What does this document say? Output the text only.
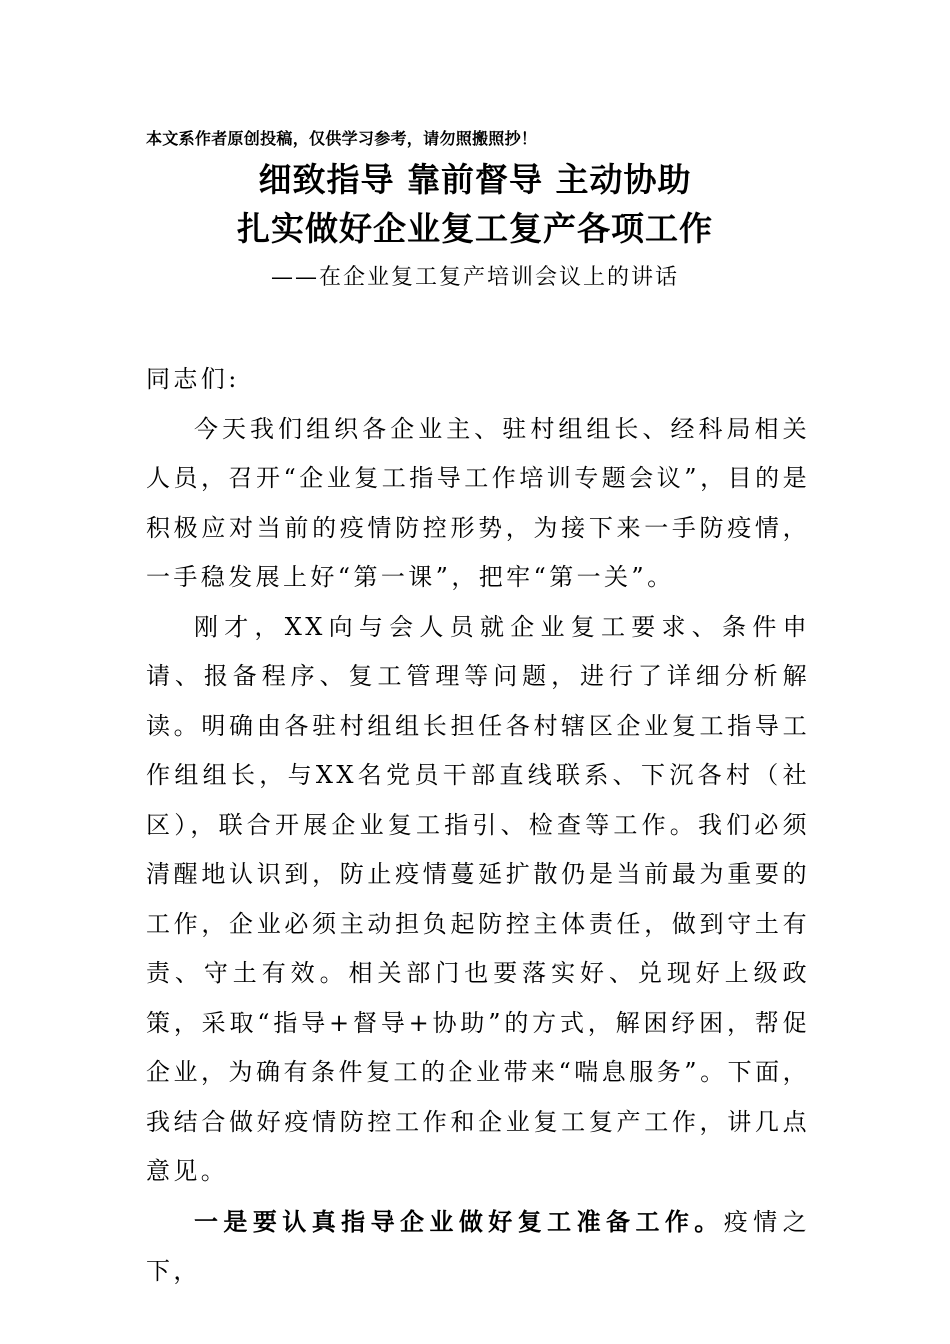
本文系作者原创投稿，仅供学习参考，请勿照搬照抄！
细致指导 靠前督导 主动协助
扎实做好企业复工复产各项工作
——在企业复工复产培训会议上的讲话

同志们:

今天我们组织各企业主、驻村组组长、经科局相关人员，召开“企业复工指导工作培训专题会议”，目的是积极应对当前的疫情防控形势，为接下来一手防疫情，一手稳发展上好“第一课”，把牢“第一关”。

刚才，XX向与会人员就企业复工要求、条件申请、报备程序、复工管理等问题，进行了详细分析解读。明确由各驻村组组长担任各村辖区企业复工指导工作组组长，与XX名党员干部直线联系、下沉各村（社区），联合开展企业复工指引、检查等工作。我们必须清醒地认识到，防止疫情蔓延扩散仍是当前最为重要的工作，企业必须主动担负起防控主体责任，做到守土有责、守土有效。相关部门也要落实好、兑现好上级政策，采取“指导+督导+协助”的方式，解困纾困，帮促企业，为确有条件复工的企业带来“喘息服务”。下面，我结合做好疫情防控工作和企业复工复产工作，讲几点意见。

一是要认真指导企业做好复工准备工作。疫情之下，
